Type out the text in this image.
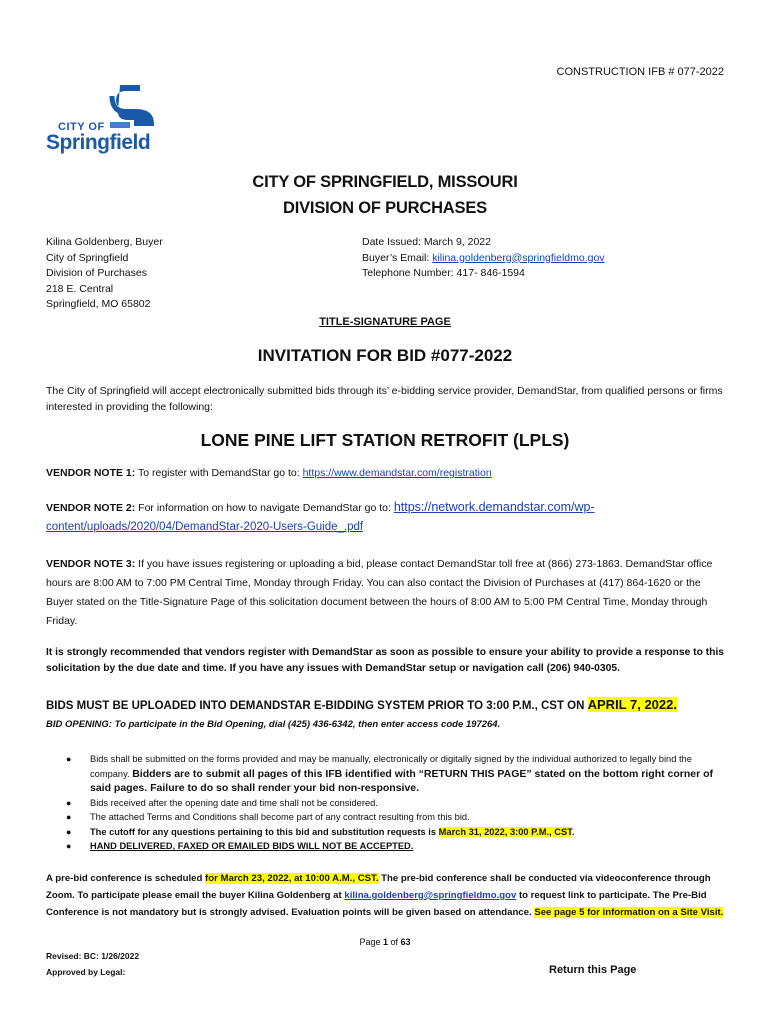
CONSTRUCTION IFB # 077-2022
CITY OF
Springfield
CITY OF SPRINGFIELD, MISSOURI
DIVISION OF PURCHASES
Kilina Goldenberg, Buyer
City of Springfield
Division of Purchases
218 E. Central
Springfield, MO 65802
Date Issued: March 9, 2022
Buyer’s Email: kilina.goldenberg@springfieldmo.gov
Telephone Number: 417- 846-1594
TITLE-SIGNATURE PAGE
INVITATION FOR BID #077-2022
The City of Springfield will accept electronically submitted bids through its’ e-bidding service provider, DemandStar, from qualified persons or firms interested in providing the following:
LONE PINE LIFT STATION RETROFIT (LPLS)
VENDOR NOTE 1: To register with DemandStar go to: https://www.demandstar.com/registration
VENDOR NOTE 2: For information on how to navigate DemandStar go to: https://network.demandstar.com/wp-
content/uploads/2020/04/DemandStar-2020-Users-Guide_.pdf
VENDOR NOTE 3: If you have issues registering or uploading a bid, please contact DemandStar toll free at (866) 273-1863. DemandStar office hours are 8:00 AM to 7:00 PM Central Time, Monday through Friday. You can also contact the Division of Purchases at (417) 864-1620 or the Buyer stated on the Title-Signature Page of this solicitation document between the hours of 8:00 AM to 5:00 PM Central Time, Monday through Friday.
It is strongly recommended that vendors register with DemandStar as soon as possible to ensure your ability to provide a response to this solicitation by the due date and time. If you have any issues with DemandStar setup or navigation call (206) 940-0305.
BIDS MUST BE UPLOADED INTO DEMANDSTAR E-BIDDING SYSTEM PRIOR TO 3:00 P.M., CST ON APRIL 7, 2022.
BID OPENING: To participate in the Bid Opening, dial (425) 436-6342, then enter access code 197264.
● Bids shall be submitted on the forms provided and may be manually, electronically or digitally signed by the individual authorized to legally bind the company. Bidders are to submit all pages of this IFB identified with “RETURN THIS PAGE” stated on the bottom right corner of said pages. Failure to do so shall render your bid non-responsive.
● Bids received after the opening date and time shall not be considered.
● The attached Terms and Conditions shall become part of any contract resulting from this bid.
● The cutoff for any questions pertaining to this bid and substitution requests is March 31, 2022, 3:00 P.M., CST.
● HAND DELIVERED, FAXED OR EMAILED BIDS WILL NOT BE ACCEPTED.
A pre-bid conference is scheduled for March 23, 2022, at 10:00 A.M., CST. The pre-bid conference shall be conducted via videoconference through Zoom. To participate please email the buyer Kilina Goldenberg at kilina.goldenberg@springfieldmo.gov to request link to participate. The Pre-Bid Conference is not mandatory but is strongly advised. Evaluation points will be given based on attendance. See page 5 for information on a Site Visit.
Page 1 of 63
Revised: BC: 1/26/2022
Approved by Legal:	Return this Page
